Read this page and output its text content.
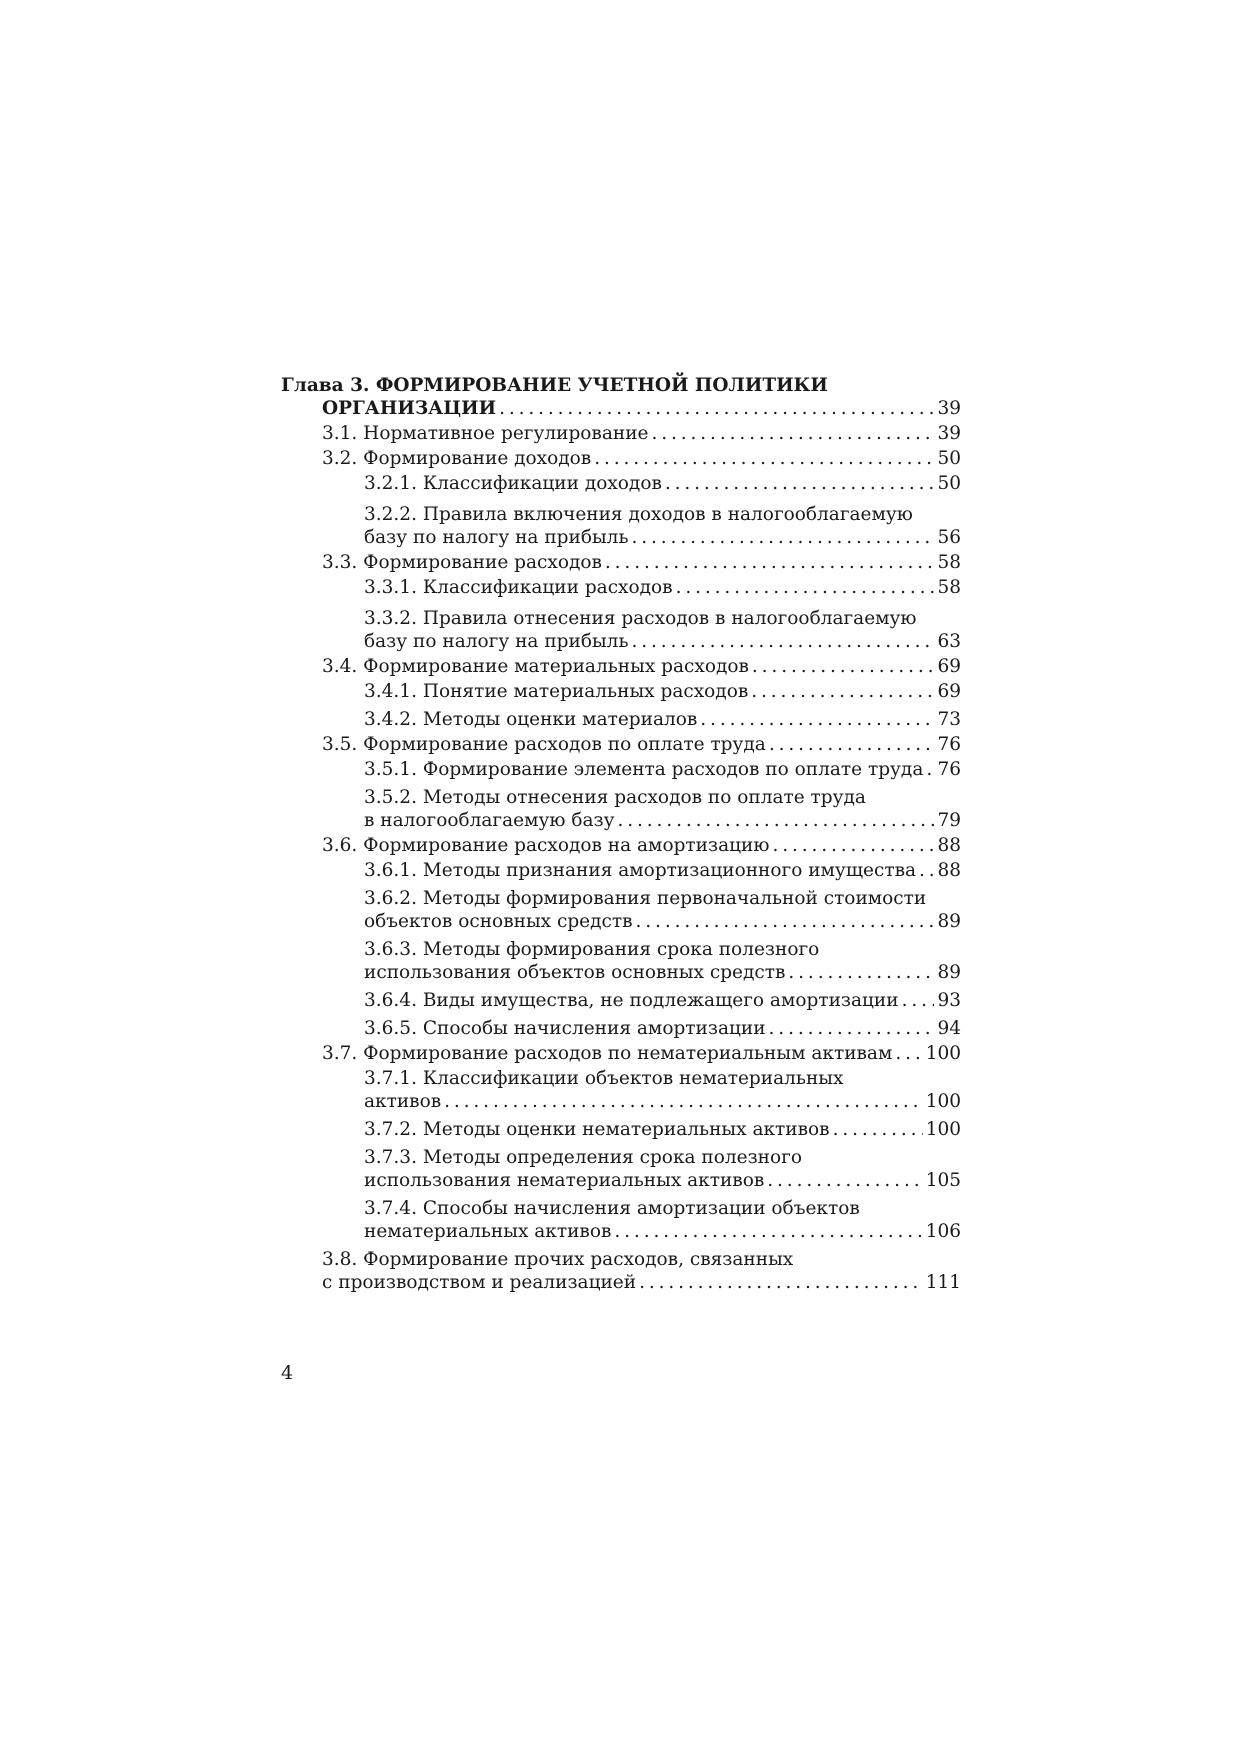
Глава 3. ФОРМИРОВАНИЕ УЧЕТНОЙ ПОЛИТИКИ
ОРГАНИЗАЦИИ . . .	39
3.1. Нормативное регулирование . . .	39
3.2. Формирование доходов . . .	50
3.2.1. Классификации доходов . . .	50
3.2.2. Правила включения доходов в налогооблагаемую
базу по налогу на прибыль . . .	56
3.3. Формирование расходов . . .	58
3.3.1. Классификации расходов . . .	58
3.3.2. Правила отнесения расходов в налогооблагаемую
базу по налогу на прибыль . . .	63
3.4. Формирование материальных расходов . . .	69
3.4.1. Понятие материальных расходов . . .	69
3.4.2. Методы оценки материалов . . .	73
3.5. Формирование расходов по оплате труда . . .	76
3.5.1. Формирование элемента расходов по оплате труда . . . 76
3.5.2. Методы отнесения расходов по оплате труда
в налогооблагаемую базу . . .	79
3.6. Формирование расходов на амортизацию . . .	88
3.6.1. Методы признания амортизационного имущества . . . 88
3.6.2. Методы формирования первоначальной стоимости
объектов основных средств . . .	89
3.6.3. Методы формирования срока полезного
использования объектов основных средств . . .	89
3.6.4. Виды имущества, не подлежащего амортизации . . . 93
3.6.5. Способы начисления амортизации . . .	94
3.7. Формирование расходов по нематериальным активам . . . 100
3.7.1. Классификации объектов нематериальных
активов . . .	100
3.7.2. Методы оценки нематериальных активов . . .	100
3.7.3. Методы определения срока полезного
использования нематериальных активов . . .	105
3.7.4. Способы начисления амортизации объектов
нематериальных активов . . .	106
3.8. Формирование прочих расходов, связанных
с производством и реализацией . . .	111
4
